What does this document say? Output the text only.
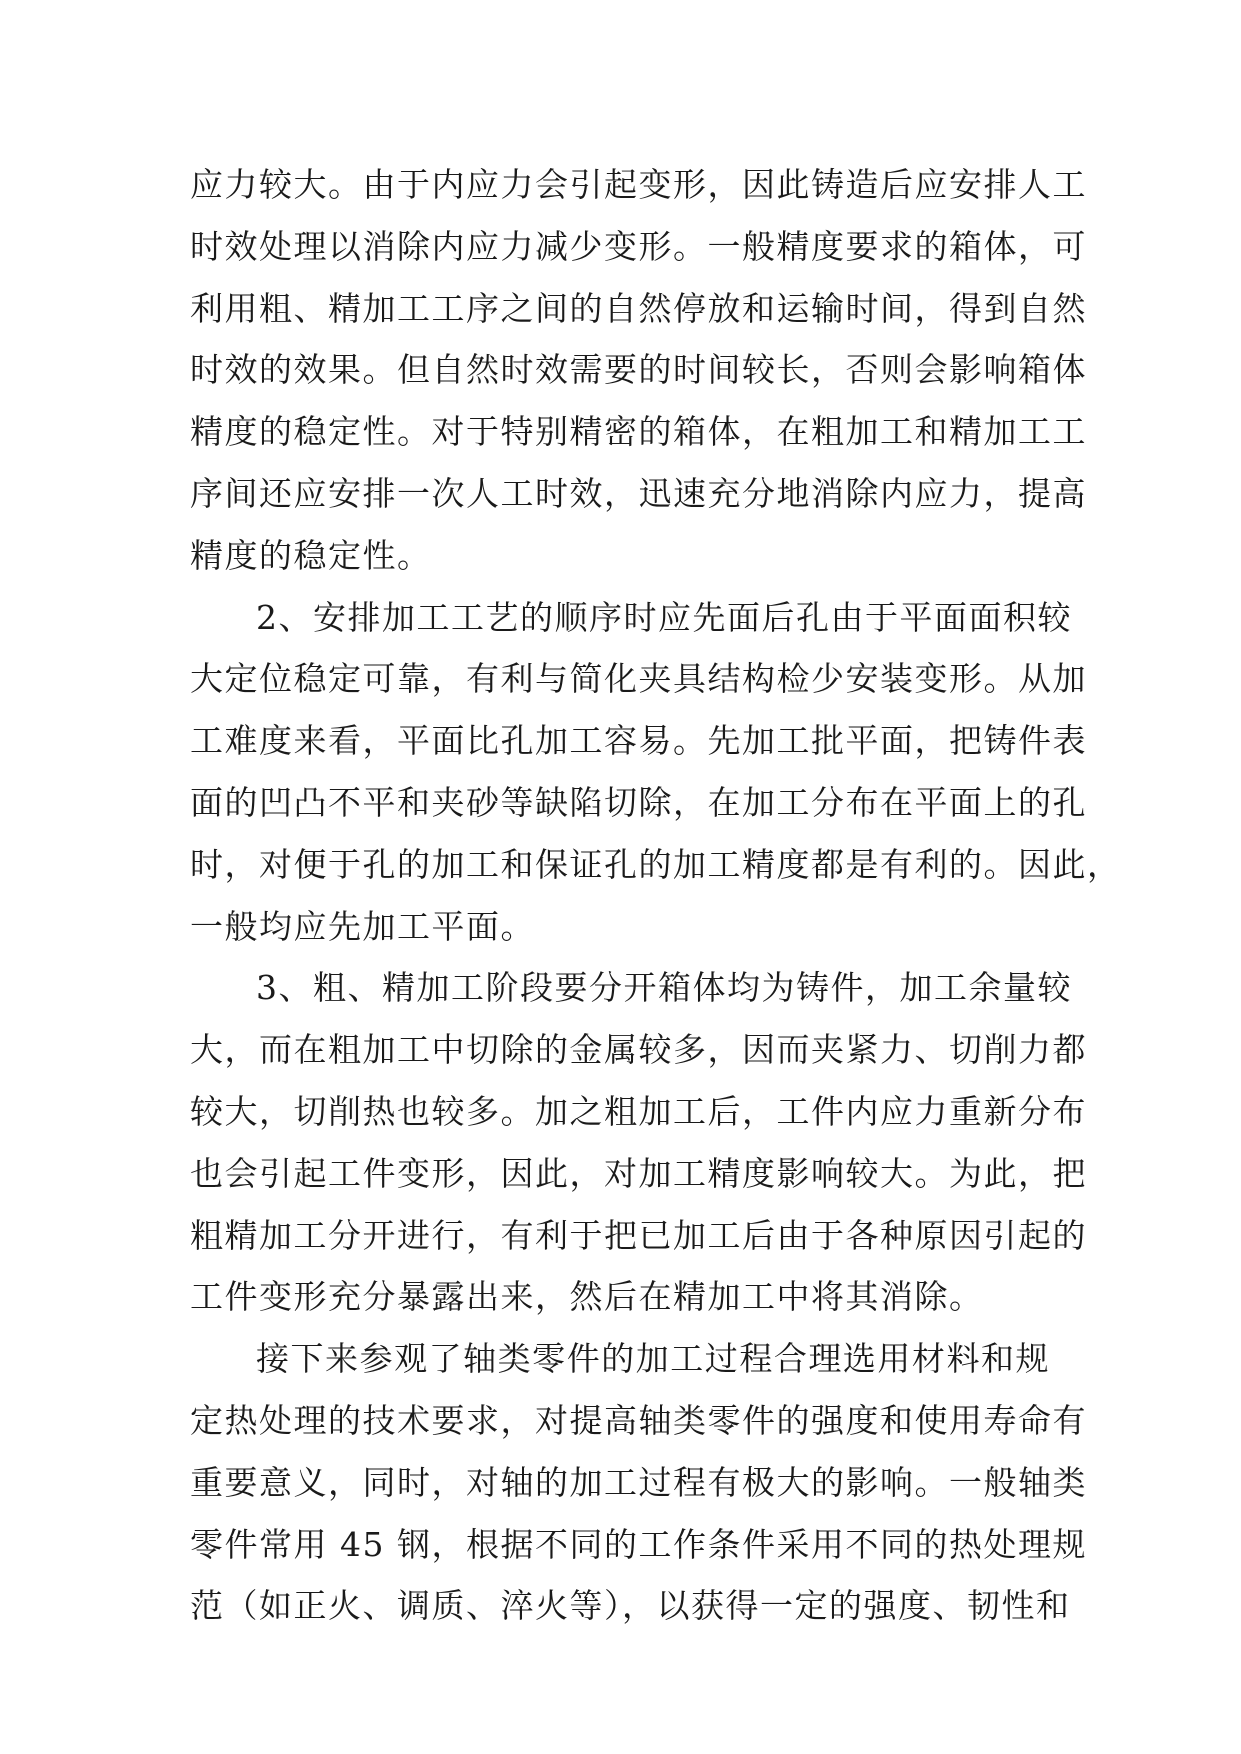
应力较大。由于内应力会引起变形，因此铸造后应安排人工
时效处理以消除内应力减少变形。一般精度要求的箱体，可
利用粗、精加工工序之间的自然停放和运输时间，得到自然
时效的效果。但自然时效需要的时间较长，否则会影响箱体
精度的稳定性。对于特别精密的箱体，在粗加工和精加工工
序间还应安排一次人工时效，迅速充分地消除内应力，提高
精度的稳定性。
2、安排加工工艺的顺序时应先面后孔由于平面面积较
大定位稳定可靠，有利与简化夹具结构检少安装变形。从加
工难度来看，平面比孔加工容易。先加工批平面，把铸件表
面的凹凸不平和夹砂等缺陷切除，在加工分布在平面上的孔
时，对便于孔的加工和保证孔的加工精度都是有利的。因此，
一般均应先加工平面。
3、粗、精加工阶段要分开箱体均为铸件，加工余量较
大，而在粗加工中切除的金属较多，因而夹紧力、切削力都
较大，切削热也较多。加之粗加工后，工件内应力重新分布
也会引起工件变形，因此，对加工精度影响较大。为此，把
粗精加工分开进行，有利于把已加工后由于各种原因引起的
工件变形充分暴露出来，然后在精加工中将其消除。
接下来参观了轴类零件的加工过程合理选用材料和规
定热处理的技术要求，对提高轴类零件的强度和使用寿命有
重要意义，同时，对轴的加工过程有极大的影响。一般轴类
零件常用 45 钢，根据不同的工作条件采用不同的热处理规
范（如正火、调质、淬火等），以获得一定的强度、韧性和
